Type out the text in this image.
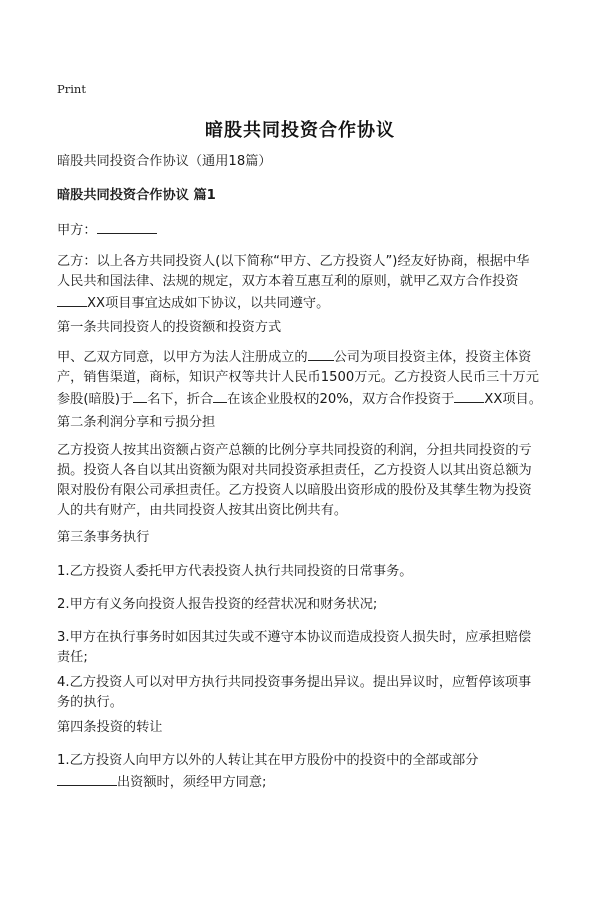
Print
暗股共同投资合作协议
暗股共同投资合作协议（通用18篇）
暗股共同投资合作协议 篇1
甲方：
乙方：以上各方共同投资人(以下简称“甲方、乙方投资人”)经友好协商，根据中华
人民共和国法律、法规的规定，双方本着互惠互利的原则，就甲乙双方合作投资
XX项目事宜达成如下协议，以共同遵守。
第一条共同投资人的投资额和投资方式
甲、乙双方同意，以甲方为法人注册成立的 公司为项目投资主体，投资主体资
产，销售渠道，商标，知识产权等共计人民币1500万元。乙方投资人民币三十万元
参股(暗股)于 名下，折合 在该企业股权的20%，双方合作投资于 XX项目。
第二条利润分享和亏损分担
乙方投资人按其出资额占资产总额的比例分享共同投资的利润，分担共同投资的亏
损。投资人各自以其出资额为限对共同投资承担责任，乙方投资人以其出资总额为
限对股份有限公司承担责任。乙方投资人以暗股出资形成的股份及其孳生物为投资
人的共有财产，由共同投资人按其出资比例共有。
第三条事务执行
1.乙方投资人委托甲方代表投资人执行共同投资的日常事务。
2.甲方有义务向投资人报告投资的经营状况和财务状况;
3.甲方在执行事务时如因其过失或不遵守本协议而造成投资人损失时，应承担赔偿
责任;
4.乙方投资人可以对甲方执行共同投资事务提出异议。提出异议时，应暂停该项事
务的执行。
第四条投资的转让
1.乙方投资人向甲方以外的人转让其在甲方股份中的投资中的全部或部分
出资额时，须经甲方同意;
